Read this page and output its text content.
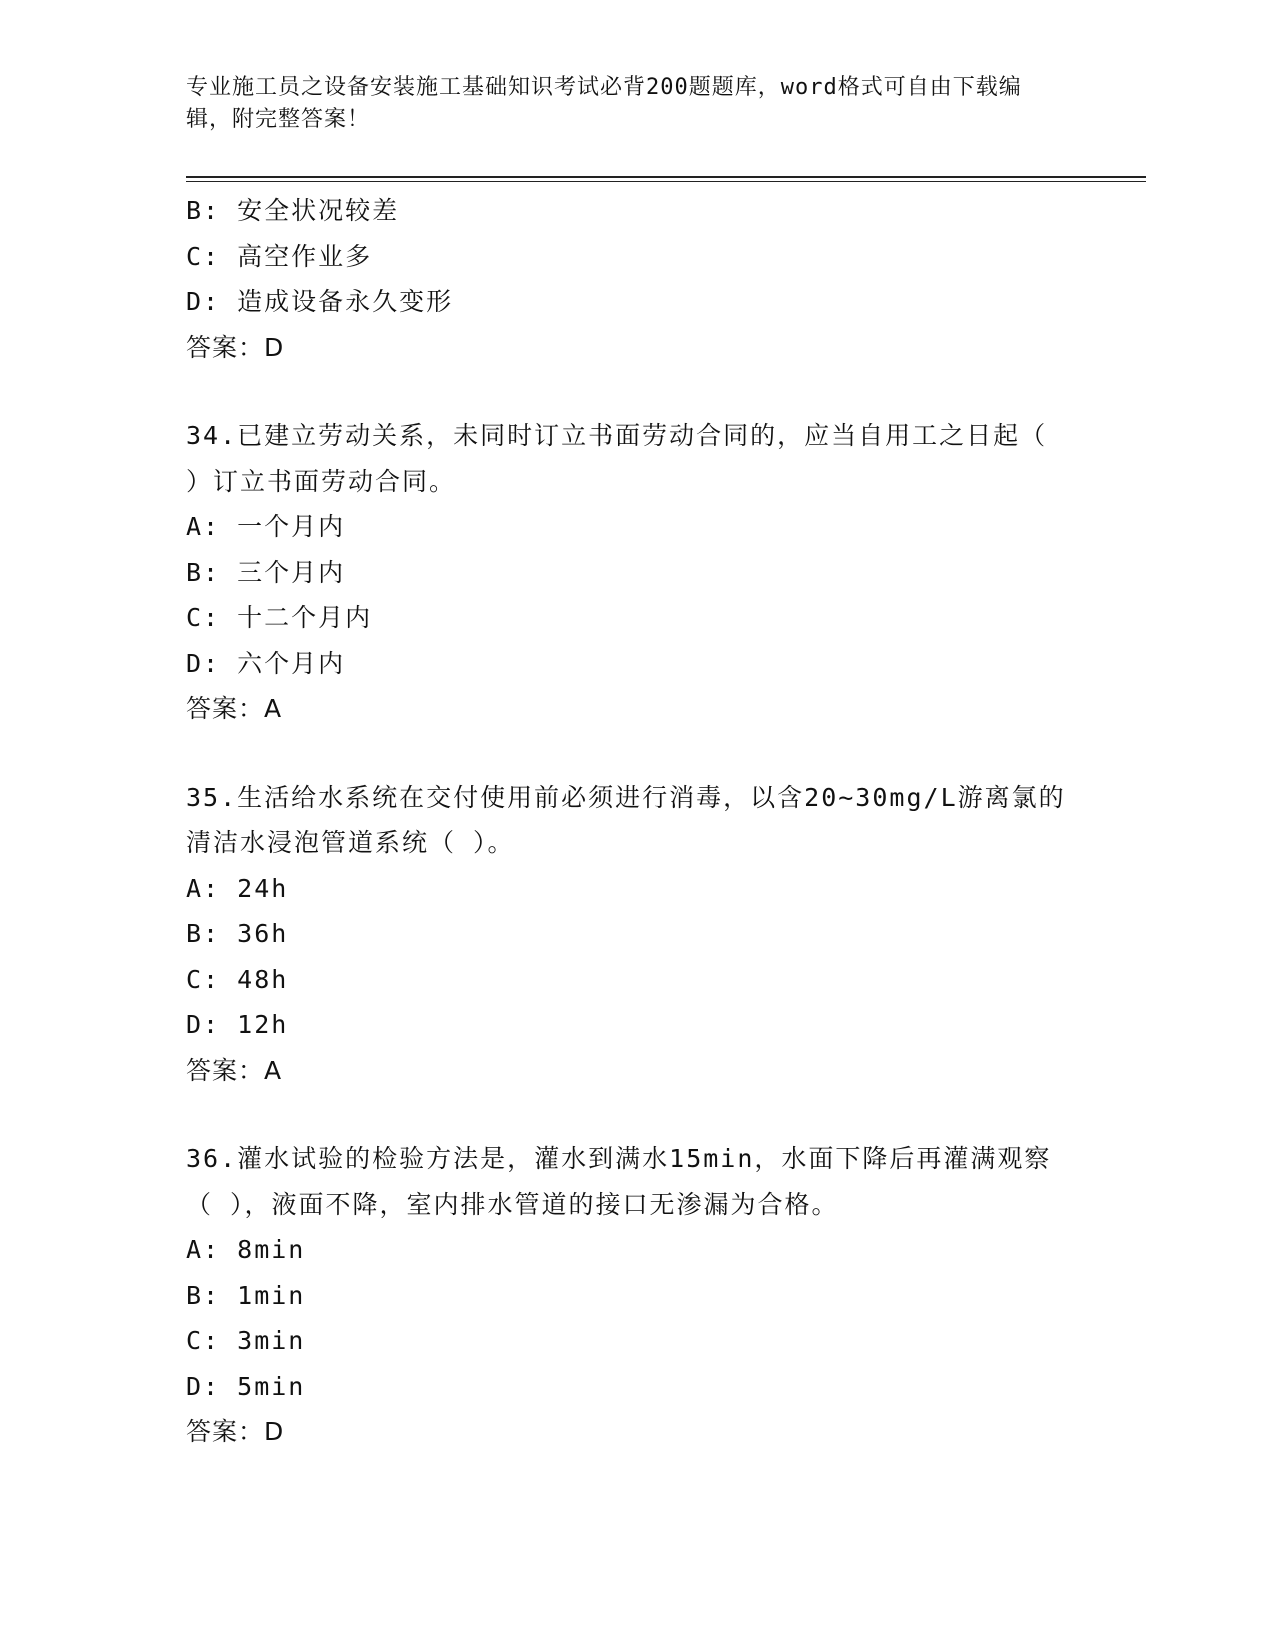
专业施工员之设备安装施工基础知识考试必背200题题库，word格式可自由下载编辑，附完整答案！
B: 安全状况较差
C: 高空作业多
D: 造成设备永久变形
答案：D
34.已建立劳动关系，未同时订立书面劳动合同的，应当自用工之日起（ ）订立书面劳动合同。
A: 一个月内
B: 三个月内
C: 十二个月内
D: 六个月内
答案：A
35.生活给水系统在交付使用前必须进行消毒，以含20~30mg/L游离氯的清洁水浸泡管道系统（ ）。
A: 24h
B: 36h
C: 48h
D: 12h
答案：A
36.灌水试验的检验方法是，灌水到满水15min，水面下降后再灌满观察（ ），液面不降，室内排水管道的接口无渗漏为合格。
A: 8min
B: 1min
C: 3min
D: 5min
答案：D
